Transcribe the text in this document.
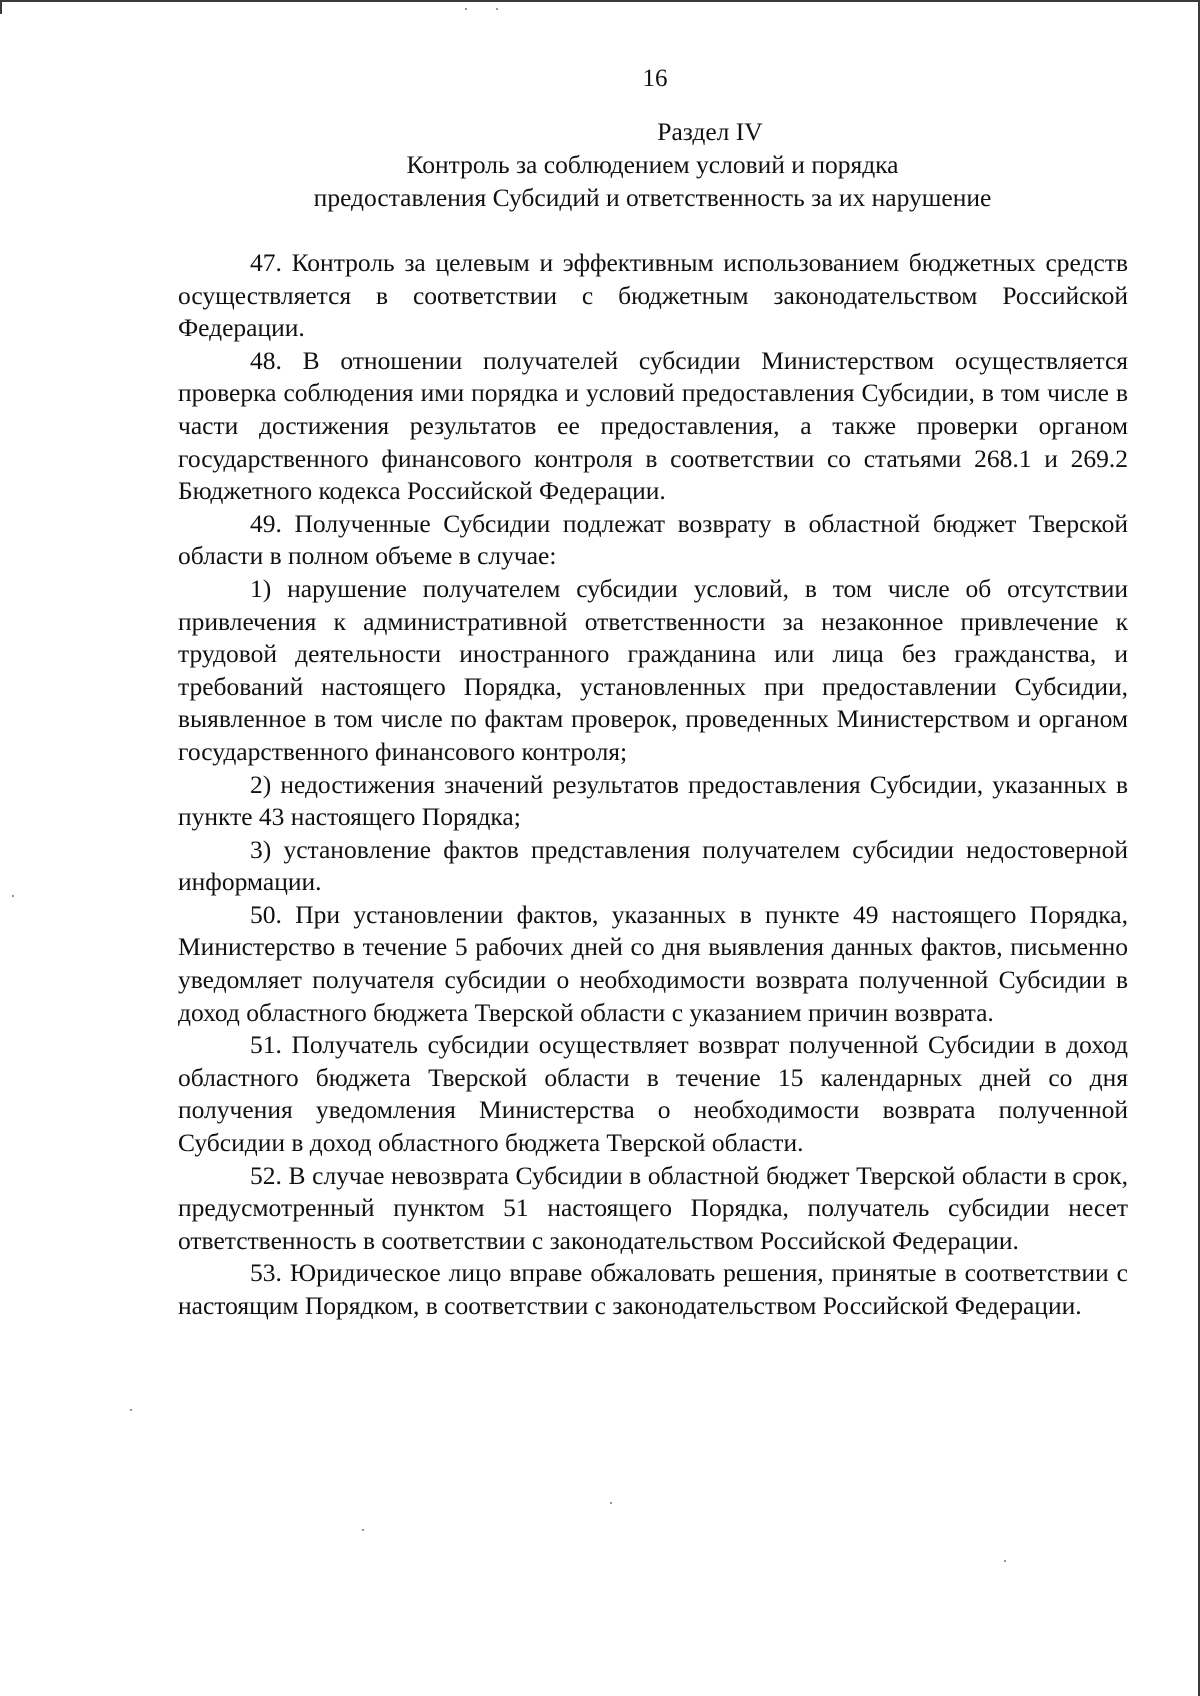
16
Раздел IV
Контроль за соблюдением условий и порядка
предоставления Субсидий и ответственность за их нарушение

47. Контроль за целевым и эффективным использованием бюджетных средств осуществляется в соответствии с бюджетным законодательством Российской Федерации.

48. В отношении получателей субсидии Министерством осуществляется проверка соблюдения ими порядка и условий предоставления Субсидии, в том числе в части достижения результатов ее предоставления, а также проверки органом государственного финансового контроля в соответствии со статьями 268.1 и 269.2 Бюджетного кодекса Российской Федерации.

49. Полученные Субсидии подлежат возврату в областной бюджет Тверской области в полном объеме в случае:

1) нарушение получателем субсидии условий, в том числе об отсутствии привлечения к административной ответственности за незаконное привлечение к трудовой деятельности иностранного гражданина или лица без гражданства, и требований настоящего Порядка, установленных при предоставлении Субсидии, выявленное в том числе по фактам проверок, проведенных Министерством и органом государственного финансового контроля;

2) недостижения значений результатов предоставления Субсидии, указанных в пункте 43 настоящего Порядка;

3) установление фактов представления получателем субсидии недостоверной информации.

50. При установлении фактов, указанных в пункте 49 настоящего Порядка, Министерство в течение 5 рабочих дней со дня выявления данных фактов, письменно уведомляет получателя субсидии о необходимости возврата полученной Субсидии в доход областного бюджета Тверской области с указанием причин возврата.

51. Получатель субсидии осуществляет возврат полученной Субсидии в доход областного бюджета Тверской области в течение 15 календарных дней со дня получения уведомления Министерства о необходимости возврата полученной Субсидии в доход областного бюджета Тверской области.

52. В случае невозврата Субсидии в областной бюджет Тверской области в срок, предусмотренный пунктом 51 настоящего Порядка, получатель субсидии несет ответственность в соответствии с законодательством Российской Федерации.

53. Юридическое лицо вправе обжаловать решения, принятые в соответствии с настоящим Порядком, в соответствии с законодательством Российской Федерации.
